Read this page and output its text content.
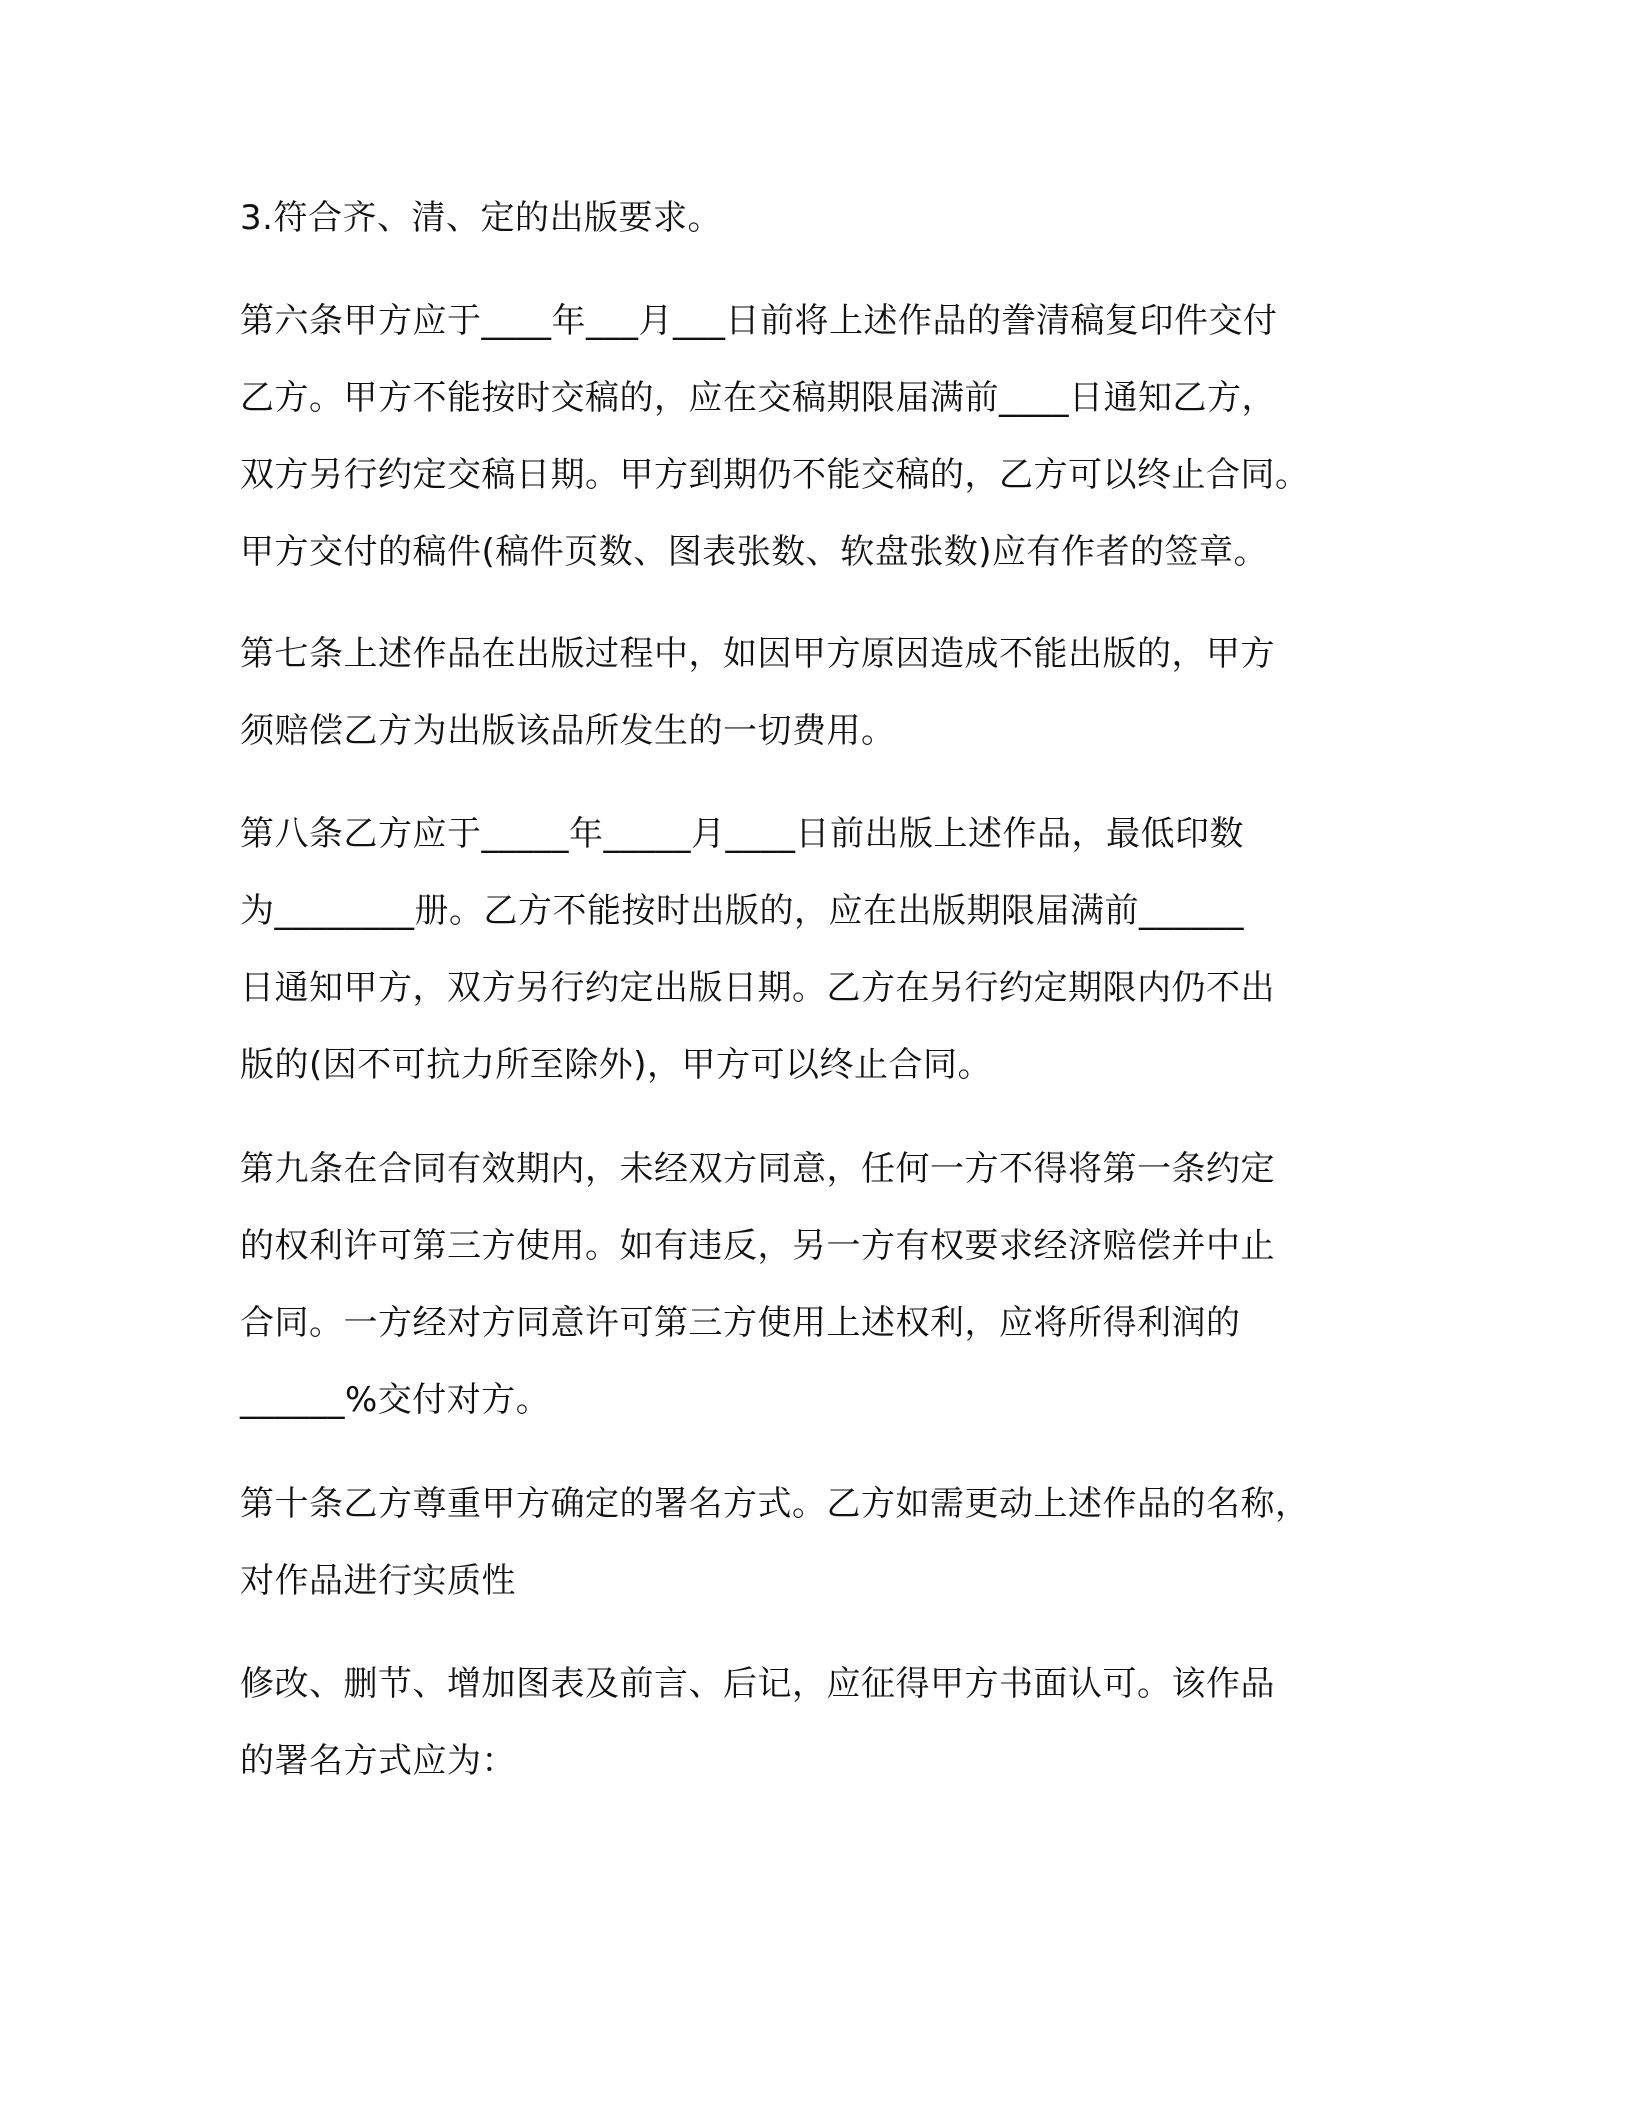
3.符合齐、清、定的出版要求。
第六条甲方应于____年___月___日前将上述作品的誊清稿复印件交付
乙方。甲方不能按时交稿的，应在交稿期限届满前____日通知乙方，
双方另行约定交稿日期。甲方到期仍不能交稿的，乙方可以终止合同。
甲方交付的稿件(稿件页数、图表张数、软盘张数)应有作者的签章。
第七条上述作品在出版过程中，如因甲方原因造成不能出版的，甲方
须赔偿乙方为出版该品所发生的一切费用。
第八条乙方应于_____年_____月____日前出版上述作品，最低印数
为________册。乙方不能按时出版的，应在出版期限届满前______
日通知甲方，双方另行约定出版日期。乙方在另行约定期限内仍不出
版的(因不可抗力所至除外)，甲方可以终止合同。
第九条在合同有效期内，未经双方同意，任何一方不得将第一条约定
的权利许可第三方使用。如有违反，另一方有权要求经济赔偿并中止
合同。一方经对方同意许可第三方使用上述权利，应将所得利润的
______%交付对方。
第十条乙方尊重甲方确定的署名方式。乙方如需更动上述作品的名称，
对作品进行实质性
修改、删节、增加图表及前言、后记，应征得甲方书面认可。该作品
的署名方式应为：
